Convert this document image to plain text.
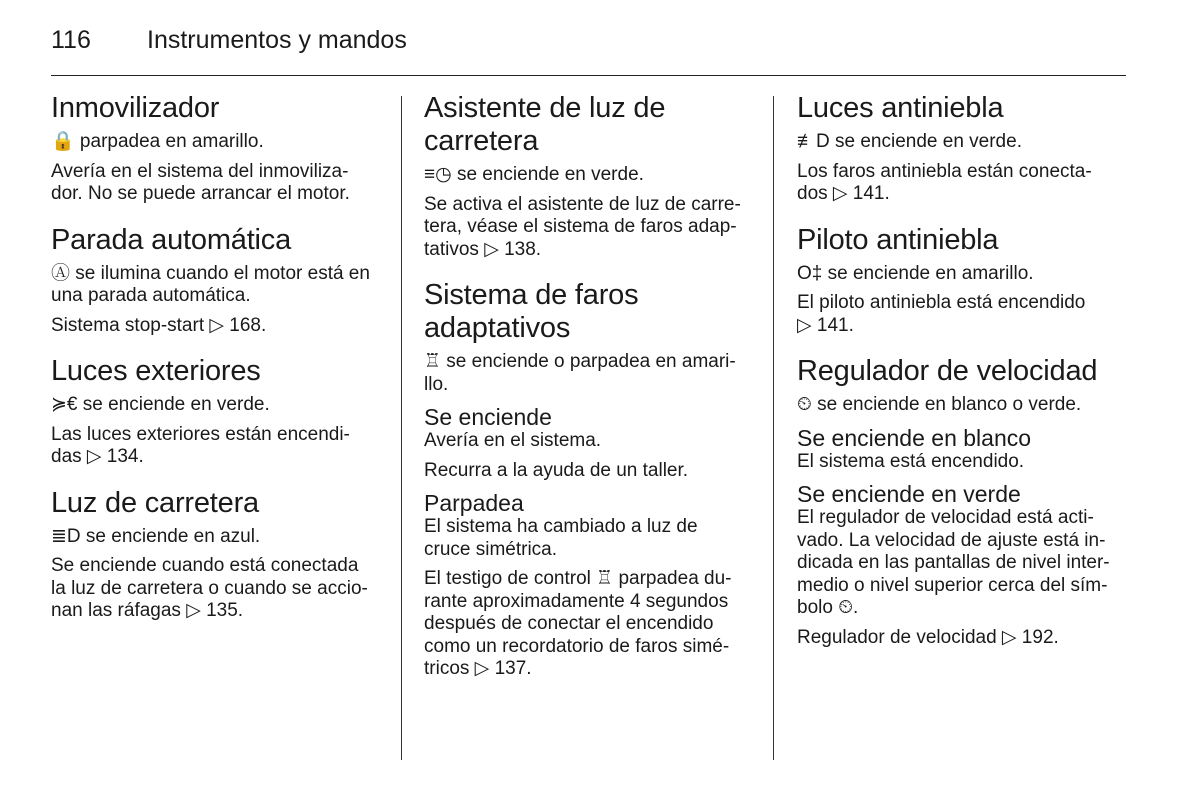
116	Instrumentos y mandos
Inmovilizador

🔒 parpadea en amarillo.

Avería en el sistema del inmoviliza-
dor. No se puede arrancar el motor.

Parada automática

Ⓐ se ilumina cuando el motor está en
una parada automática.

Sistema stop-start ▷ 168.

Luces exteriores

≽€ se enciende en verde.

Las luces exteriores están encendi-
das ▷ 134.

Luz de carretera

≣D se enciende en azul.

Se enciende cuando está conectada
la luz de carretera o cuando se accio-
nan las ráfagas ▷ 135.

Asistente de luz de
carretera

≡◷ se enciende en verde.

Se activa el asistente de luz de carre-
tera, véase el sistema de faros adap-
tativos ▷ 138.

Sistema de faros
adaptativos

♖ se enciende o parpadea en amari-
llo.

Se enciende

Avería en el sistema.

Recurra a la ayuda de un taller.

Parpadea

El sistema ha cambiado a luz de
cruce simétrica.

El testigo de control ♖ parpadea du-
rante aproximadamente 4 segundos
después de conectar el encendido
como un recordatorio de faros simé-
tricos ▷ 137.

Luces antiniebla

≢D se enciende en verde.

Los faros antiniebla están conecta-
dos ▷ 141.

Piloto antiniebla

O‡ se enciende en amarillo.

El piloto antiniebla está encendido
▷ 141.

Regulador de velocidad

⏲ se enciende en blanco o verde.

Se enciende en blanco

El sistema está encendido.

Se enciende en verde

El regulador de velocidad está acti-
vado. La velocidad de ajuste está in-
dicada en las pantallas de nivel inter-
medio o nivel superior cerca del sím-
bolo ⏲.

Regulador de velocidad ▷ 192.
